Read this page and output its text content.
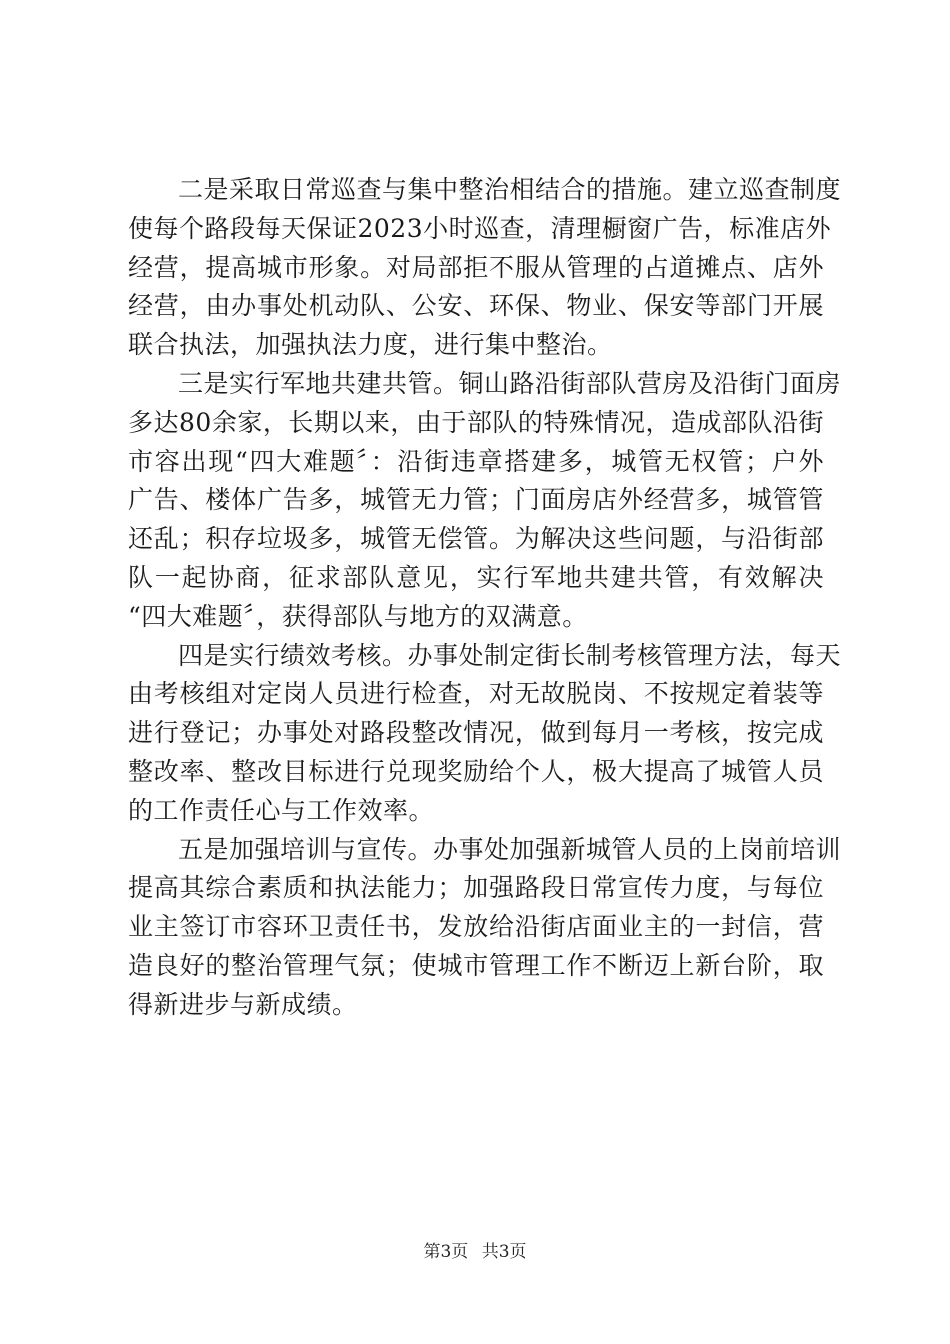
二是采取日常巡查与集中整治相结合的措施。建立巡查制度
使每个路段每天保证2023小时巡查，清理橱窗广告，标准店外
经营，提高城市形象。对局部拒不服从管理的占道摊点、店外
经营，由办事处机动队、公安、环保、物业、保安等部门开展
联合执法，加强执法力度，进行集中整治。
三是实行军地共建共管。铜山路沿街部队营房及沿街门面房
多达80余家，长期以来，由于部队的特殊情况，造成部队沿街
市容出现“四大难题〞：沿街违章搭建多，城管无权管；户外
广告、楼体广告多，城管无力管；门面房店外经营多，城管管
还乱；积存垃圾多，城管无偿管。为解决这些问题，与沿街部
队一起协商，征求部队意见，实行军地共建共管，有效解决
“四大难题〞，获得部队与地方的双满意。
四是实行绩效考核。办事处制定街长制考核管理方法，每天
由考核组对定岗人员进行检查，对无故脱岗、不按规定着装等
进行登记；办事处对路段整改情况，做到每月一考核，按完成
整改率、整改目标进行兑现奖励给个人，极大提高了城管人员
的工作责任心与工作效率。
五是加强培训与宣传。办事处加强新城管人员的上岗前培训
提高其综合素质和执法能力；加强路段日常宣传力度，与每位
业主签订市容环卫责任书，发放给沿街店面业主的一封信，营
造良好的整治管理气氛；使城市管理工作不断迈上新台阶，取
得新进步与新成绩。
第3页 共3页
